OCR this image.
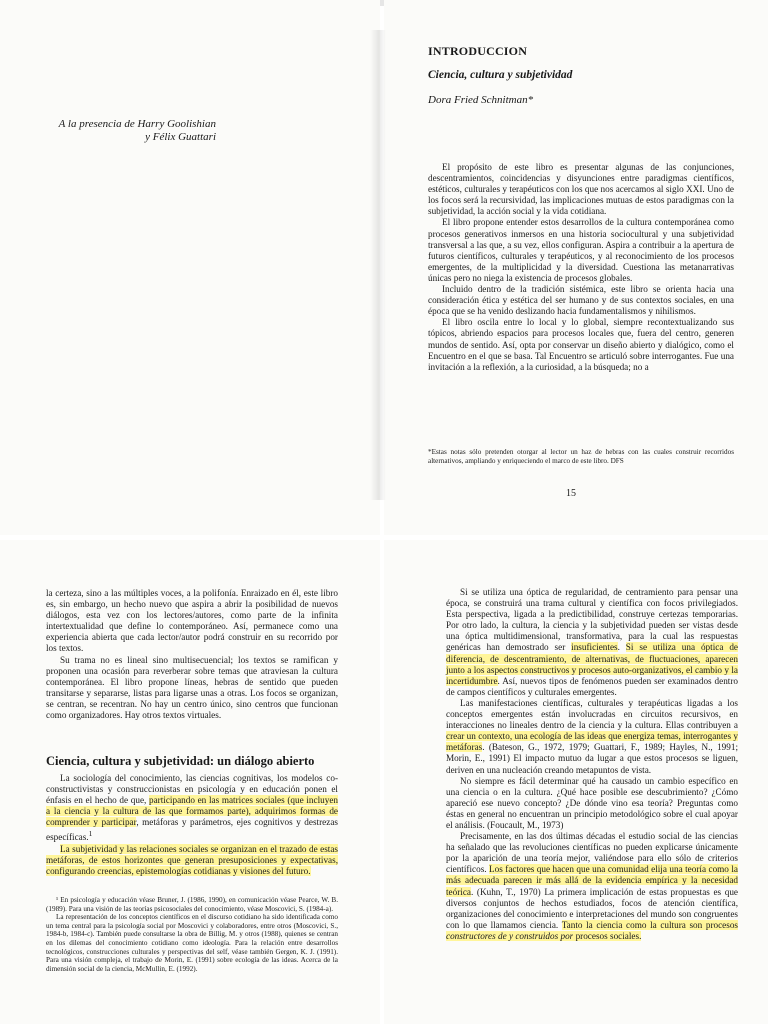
A la presencia de Harry Goolishian
y Félix Guattari
INTRODUCCION
Ciencia, cultura y subjetividad
Dora Fried Schnitman*

El propósito de este libro es presentar algunas de las conjunciones, descentramientos, coincidencias y disyunciones entre paradigmas científicos, estéticos, culturales y terapéuticos con los que nos acercamos al siglo XXI. Uno de los focos será la recursividad, las implicaciones mutuas de estos paradigmas con la subjetividad, la acción social y la vida cotidiana.

El libro propone entender estos desarrollos de la cultura contemporánea como procesos generativos inmersos en una historia sociocultural y una subjetividad transversal a las que, a su vez, ellos configuran. Aspira a contribuir a la apertura de futuros científicos, culturales y terapéuticos, y al reconocimiento de los procesos emergentes, de la multiplicidad y la diversidad. Cuestiona las metanarrativas únicas pero no niega la existencia de procesos globales.

Incluido dentro de la tradición sistémica, este libro se orienta hacia una consideración ética y estética del ser humano y de sus contextos sociales, en una época que se ha venido deslizando hacia fundamentalismos y nihilismos.

El libro oscila entre lo local y lo global, siempre recontextualizando sus tópicos, abriendo espacios para procesos locales que, fuera del centro, generen mundos de sentido. Así, opta por conservar un diseño abierto y dialógico, como el Encuentro en el que se basa. Tal Encuentro se articuló sobre interrogantes. Fue una invitación a la reflexión, a la curiosidad, a la búsqueda; no a

*Estas notas sólo pretenden otorgar al lector un haz de hebras con las cuales construir recorridos alternativos, ampliando y enriqueciendo el marco de este libro. DFS
15

la certeza, sino a las múltiples voces, a la polifonía. Enraizado en él, este libro es, sin embargo, un hecho nuevo que aspira a abrir la posibilidad de nuevos diálogos, esta vez con los lectores/autores, como parte de la infinita intertextualidad que define lo contemporáneo. Así, permanece como una experiencia abierta que cada lector/autor podrá construir en su recorrido por los textos.

Su trama no es lineal sino multisecuencial; los textos se ramifican y proponen una ocasión para reverberar sobre temas que atraviesan la cultura contemporánea. El libro propone líneas, hebras de sentido que pueden transitarse y separarse, listas para ligarse unas a otras. Los focos se organizan, se centran, se recentran. No hay un centro único, sino centros que funcionan como organizadores. Hay otros textos virtuales.

Ciencia, cultura y subjetividad: un diálogo abierto

La sociología del conocimiento, las ciencias cognitivas, los modelos co-constructivistas y construccionistas en psicología y en educación ponen el énfasis en el hecho de que, participando en las matrices sociales (que incluyen a la ciencia y la cultura de las que formamos parte), adquirimos formas de comprender y participar, metáforas y parámetros, ejes cognitivos y destrezas específicas.$^1$

La subjetividad y las relaciones sociales se organizan en el trazado de estas metáforas, de estos horizontes que generan presuposiciones y expectativas, configurando creencias, epistemologías cotidianas y visiones del futuro.

¹ En psicología y educación véase Bruner, J. (1986, 1990), en comunicación véase Pearce, W. B. (1989). Para una visión de las teorías psicosociales del conocimiento, véase Moscovici, S. (1984-a).
La representación de los conceptos científicos en el discurso cotidiano ha sido identificada como un tema central para la psicología social por Moscovici y colaboradores, entre otros (Moscovici, S., 1984-b, 1984-c). También puede consultarse la obra de Billig, M. y otros (1988), quienes se centran en los dilemas del conocimiento cotidiano como ideología. Para la relación entre desarrollos tecnológicos, construcciones culturales y perspectivas del self, véase también Gergen, K. J. (1991). Para una visión compleja, el trabajo de Morin, E. (1991) sobre ecología de las ideas. Acerca de la dimensión social de la ciencia, McMullin, E. (1992).

Si se utiliza una óptica de regularidad, de centramiento para pensar una época, se construirá una trama cultural y científica con focos privilegiados. Esta perspectiva, ligada a la predictibilidad, construye certezas temporarias. Por otro lado, la cultura, la ciencia y la subjetividad pueden ser vistas desde una óptica multidimensional, transformativa, para la cual las respuestas genéricas han demostrado ser insuficientes. Si se utiliza una óptica de diferencia, de descentramiento, de alternativas, de fluctuaciones, aparecen junto a los aspectos constructivos y procesos auto-organizativos, el cambio y la incertidumbre. Así, nuevos tipos de fenómenos pueden ser examinados dentro de campos científicos y culturales emergentes.

Las manifestaciones científicas, culturales y terapéuticas ligadas a los conceptos emergentes están involucradas en circuitos recursivos, en interacciones no lineales dentro de la ciencia y la cultura. Ellas contribuyen a crear un contexto, una ecología de las ideas que energiza temas, interrogantes y metáforas. (Bateson, G., 1972, 1979; Guattari, F., 1989; Hayles, N., 1991; Morin, E., 1991) El impacto mutuo da lugar a que estos procesos se liguen, deriven en una nucleación creando metapuntos de vista.

No siempre es fácil determinar qué ha causado un cambio específico en una ciencia o en la cultura. ¿Qué hace posible ese descubrimiento? ¿Cómo apareció ese nuevo concepto? ¿De dónde vino esa teoría? Preguntas como éstas en general no encuentran un principio metodológico sobre el cual apoyar el análisis. (Foucault, M., 1973)

Precisamente, en las dos últimas décadas el estudio social de las ciencias ha señalado que las revoluciones científicas no pueden explicarse únicamente por la aparición de una teoría mejor, valiéndose para ello sólo de criterios científicos. Los factores que hacen que una comunidad elija una teoría como la más adecuada parecen ir más allá de la evidencia empírica y la necesidad teórica. (Kuhn, T., 1970) La primera implicación de estas propuestas es que diversos conjuntos de hechos estudiados, focos de atención científica, organizaciones del conocimiento e interpretaciones del mundo son congruentes con lo que llamamos ciencia. Tanto la ciencia como la cultura son procesos constructores de y construidos por procesos sociales.
